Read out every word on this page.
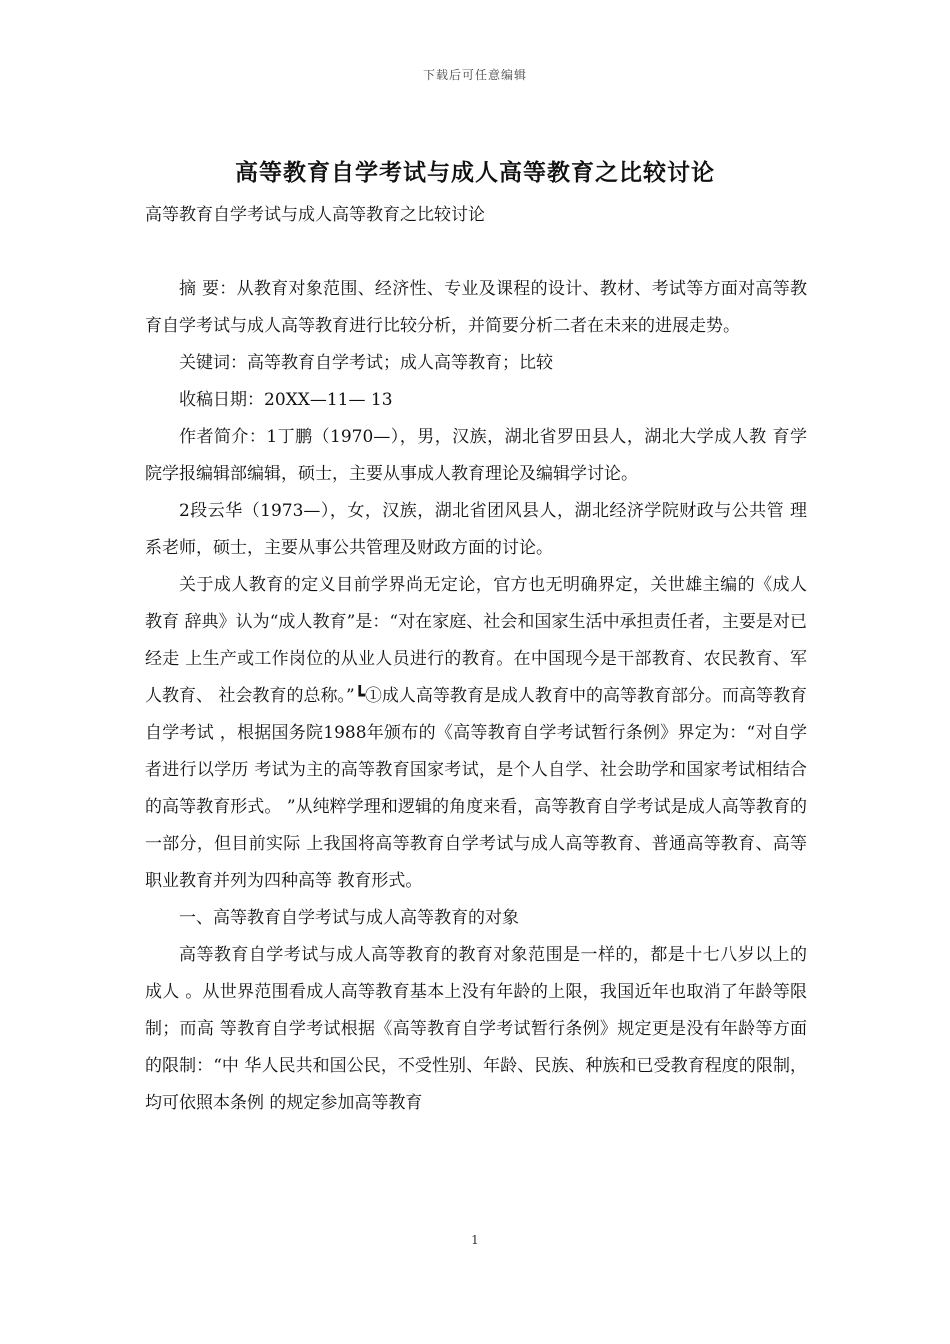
下载后可任意编辑
高等教育自学考试与成人高等教育之比较讨论

高等教育自学考试与成人高等教育之比较讨论

摘 要：从教育对象范围、经济性、专业及课程的设计、教材、考试等方面对高等教育自学考试与成人高等教育进行比较分析，并简要分析二者在未来的进展走势。

关键词：高等教育自学考试；成人高等教育；比较

收稿日期：20XX—11— 13

作者简介：1丁鹏（1970—），男，汉族，湖北省罗田县人，湖北大学成人教 育学院学报编辑部编辑，硕士，主要从事成人教育理论及编辑学讨论。

2段云华（1973—），女，汉族，湖北省团风县人，湖北经济学院财政与公共管 理系老师，硕士，主要从事公共管理及财政方面的讨论。

关于成人教育的定义目前学界尚无定论，官方也无明确界定，关世雄主编的《成人教育 辞典》认为“成人教育”是：“对在家庭、社会和国家生活中承担责任者，主要是对已经走 上生产或工作岗位的从业人员进行的教育。在中国现今是干部教育、农民教育、军人教育、 社会教育的总称。”┗①成人高等教育是成人教育中的高等教育部分。而高等教育自学考试 ，根据国务院1988年颁布的《高等教育自学考试暂行条例》界定为：“对自学者进行以学历 考试为主的高等教育国家考试，是个人自学、社会助学和国家考试相结合的高等教育形式。 ”从纯粹学理和逻辑的角度来看，高等教育自学考试是成人高等教育的一部分，但目前实际 上我国将高等教育自学考试与成人高等教育、普通高等教育、高等职业教育并列为四种高等 教育形式。

一、高等教育自学考试与成人高等教育的对象

高等教育自学考试与成人高等教育的教育对象范围是一样的，都是十七八岁以上的成人 。从世界范围看成人高等教育基本上没有年龄的上限，我国近年也取消了年龄等限制；而高 等教育自学考试根据《高等教育自学考试暂行条例》规定更是没有年龄等方面的限制：“中 华人民共和国公民，不受性别、年龄、民族、种族和已受教育程度的限制，均可依照本条例 的规定参加高等教育

1
